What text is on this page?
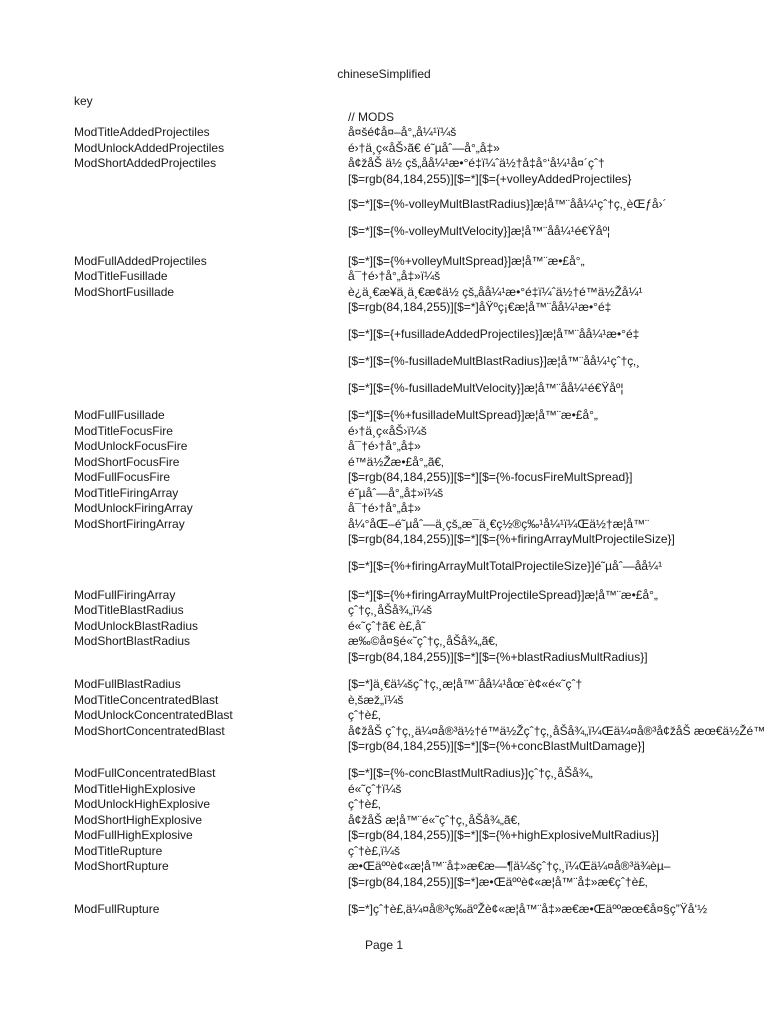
chineseSimplified
key
// MODS
ModTitleAddedProjectiles	å¤šé¢å¤–å°„å¼¹ï¼š
ModUnlockAddedProjectiles	é›†ä¸ç«åŠ›ã€ é˜µåˆ—å°„å‡»
ModShortAddedProjectiles	å¢žåŠ ä½ çš„åå¼¹æ•°é‡ï¼ˆä½†å‡å°‘å¼¹å¤´çˆ†
[$=rgb(84,184,255)][$=*][$={+volleyAddedProjectiles}
[$=*][$={%-volleyMultBlastRadius}]æ¦å™¨åå¼¹çˆ†ç‚¸èŒƒå›´
[$=*][$={%-volleyMultVelocity}]æ¦å™¨åå¼¹é€Ÿåº¦
ModFullAddedProjectiles	[$=*][$={%+volleyMultSpread}]æ¦å™¨æ•£å°„
ModTitleFusillade	å¯†é›†å°„å‡»ï¼š
ModShortFusillade	è¿ä¸€æ¥ä¸ä¸€æ¢ä½ çš„åå¼¹æ•°é‡ï¼ˆä½†é™ä½Žå¼¹
[$=rgb(84,184,255)][$=*]åŸºç¡€æ¦å™¨åå¼¹æ•°é‡
[$=*][$={+fusilladeAddedProjectiles}]æ¦å™¨åå¼¹æ•°é‡
[$=*][$={%-fusilladeMultBlastRadius}]æ¦å™¨åå¼¹çˆ†ç‚¸
[$=*][$={%-fusilladeMultVelocity}]æ¦å™¨åå¼¹é€Ÿåº¦
ModFullFusillade	[$=*][$={%+fusilladeMultSpread}]æ¦å™¨æ•£å°„
ModTitleFocusFire	é›†ä¸ç«åŠ›ï¼š
ModUnlockFocusFire	å¯†é›†å°„å‡»
ModShortFocusFire	é™ä½Žæ•£å°„ã€‚
ModFullFocusFire	[$=rgb(84,184,255)][$=*][$={%-focusFireMultSpread}]
ModTitleFiringArray	é˜µåˆ—å°„å‡»ï¼š
ModUnlockFiringArray	å¯†é›†å°„å‡»
ModShortFiringArray	å¼°åŒ–é˜µåˆ—ä¸çš„æ¯ä¸€ç½®ç‰¹å¼¹ï¼Œä½†æ¦å™¨
[$=rgb(84,184,255)][$=*][$={%+firingArrayMultProjectileSize}]
[$=*][$={%+firingArrayMultTotalProjectileSize}]é˜µåˆ—åå¼¹
ModFullFiringArray	[$=*][$={%+firingArrayMultProjectileSpread}]æ¦å™¨æ•£å°„
ModTitleBlastRadius	çˆ†ç‚¸åŠå¾„ï¼š
ModUnlockBlastRadius	é«˜çˆ†ã€ è£‚å˜
ModShortBlastRadius	æ‰©å¤§é«˜çˆ†ç‚¸åŠå¾„ã€‚
[$=rgb(84,184,255)][$=*][$={%+blastRadiusMultRadius}]
ModFullBlastRadius	[$=*]ä¸€ä¼šçˆ†ç‚¸æ¦å™¨åå¼¹åœ¨è¢«é«˜çˆ†
ModTitleConcentratedBlast	è‚šæž„ï¼š
ModUnlockConcentratedBlast	çˆ†è£‚
ModShortConcentratedBlast	å¢žåŠ çˆ†ç‚¸ä¼¤å®³ä½†é™ä½Žçˆ†ç‚¸åŠå¾„ï¼Œä¼¤å®³å¢žåŠ æœ€ä½Žé™
[$=rgb(84,184,255)][$=*][$={%+concBlastMultDamage}]
ModFullConcentratedBlast	[$=*][$={%-concBlastMultRadius}]çˆ†ç‚¸åŠå¾„
ModTitleHighExplosive	é«˜çˆ†ï¼š
ModUnlockHighExplosive	çˆ†è£‚
ModShortHighExplosive	å¢žåŠ æ¦å™¨é«˜çˆ†ç‚¸åŠå¾„ã€‚
ModFullHighExplosive	[$=rgb(84,184,255)][$=*][$={%+highExplosiveMultRadius}]
ModTitleRupture	çˆ†è£‚ï¼š
ModShortRupture	æ•Œäººè¢«æ¦å™¨å‡»æ€æ—¶ä¼šçˆ†ç‚¸ï¼Œä¼¤å®³ä¾èµ–
[$=rgb(84,184,255)][$=*]æ•Œäººè¢«æ¦å™¨å‡»æ€çˆ†è£‚
ModFullRupture	[$=*]çˆ†è£‚ä¼¤å®³ç‰äºŽè¢«æ¦å™¨å‡»æ€æ•Œäººæœ€å¤§ç”Ÿå‘½
Page 1
